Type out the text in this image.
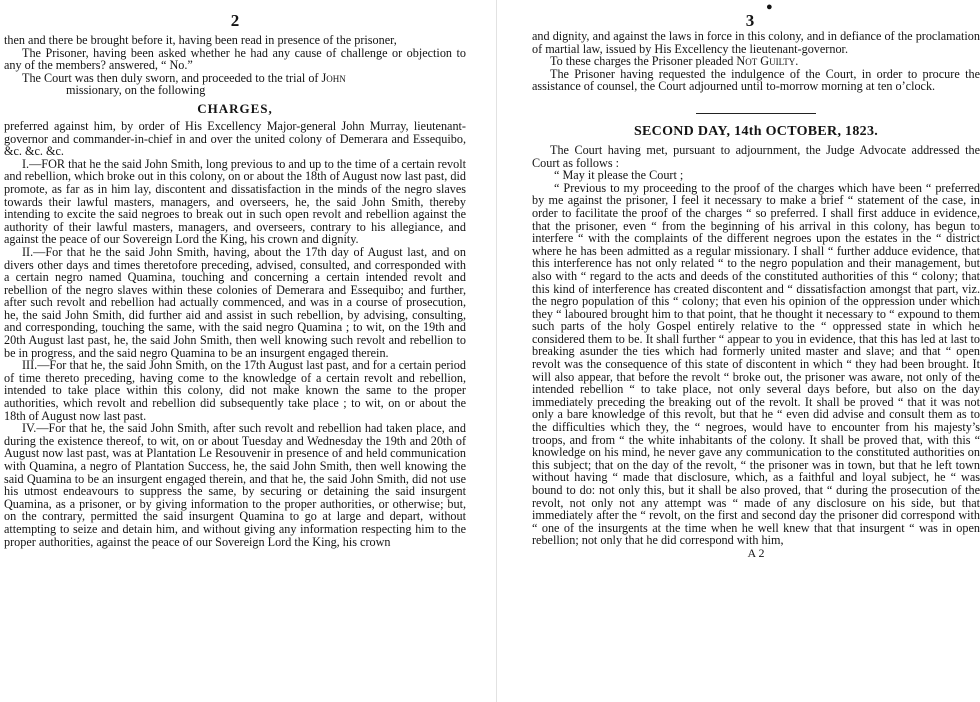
2

then and there be brought before it, having been read in presence of the prisoner,

The Prisoner, having been asked whether he had any cause of challenge or objection to any of the members? answered, “ No.”

The Court was then duly sworn, and proceeded to the trial of John

missionary, on the following

CHARGES,

preferred against him, by order of His Excellency Major-general John Murray, lieutenant-governor and commander-in-chief in and over the united colony of Demerara and Essequibo, &c. &c. &c.

I.—FOR that he the said John Smith, long previous to and up to the time of a certain revolt and rebellion, which broke out in this colony, on or about the 18th of August now last past, did promote, as far as in him lay, discontent and dissatisfaction in the minds of the negro slaves towards their lawful masters, managers, and overseers, he, the said John Smith, thereby intending to excite the said negroes to break out in such open revolt and rebellion against the authority of their lawful masters, managers, and overseers, contrary to his allegiance, and against the peace of our Sovereign Lord the King, his crown and dignity.

II.—For that he the said John Smith, having, about the 17th day of August last, and on divers other days and times theretofore preceding, advised, consulted, and corresponded with a certain negro named Quamina, touching and concerning a certain intended revolt and rebellion of the negro slaves within these colonies of Demerara and Essequibo; and further, after such revolt and rebellion had actually commenced, and was in a course of prosecution, he, the said John Smith, did further aid and assist in such rebellion, by advising, consulting, and corresponding, touching the same, with the said negro Quamina ; to wit, on the 19th and 20th August last past, he, the said John Smith, then well knowing such revolt and rebellion to be in progress, and the said negro Quamina to be an insurgent engaged therein.

III.—For that he, the said John Smith, on the 17th August last past, and for a certain period of time thereto preceding, having come to the knowledge of a certain revolt and rebellion, intended to take place within this colony, did not make known the same to the proper authorities, which revolt and rebellion did subsequently take place ; to wit, on or about the 18th of August now last past.

IV.—For that he, the said John Smith, after such revolt and rebellion had taken place, and during the existence thereof, to wit, on or about Tuesday and Wednesday the 19th and 20th of August now last past, was at Plantation Le Resouvenir in presence of and held communication with Quamina, a negro of Plantation Success, he, the said John Smith, then well knowing the said Quamina to be an insurgent engaged therein, and that he, the said John Smith, did not use his utmost endeavours to suppress the same, by securing or detaining the said insurgent Quamina, as a prisoner, or by giving information to the proper authorities, or otherwise; but, on the contrary, permitted the said insurgent Quamina to go at large and depart, without attempting to seize and detain him, and without giving any information respecting him to the proper authorities, against the peace of our Sovereign Lord the King, his crown

●
3

and dignity, and against the laws in force in this colony, and in defiance of the proclamation of martial law, issued by His Excellency the lieutenant-governor.

To these charges the Prisoner pleaded Not Guilty.

The Prisoner having requested the indulgence of the Court, in order to procure the assistance of counsel, the Court adjourned until to-morrow morning at ten o’clock.

SECOND DAY, 14th OCTOBER, 1823.

The Court having met, pursuant to adjournment, the Judge Advocate addressed the Court as follows :

“ May it please the Court ;

“ Previous to my proceeding to the proof of the charges which have been “ preferred by me against the prisoner, I feel it necessary to make a brief “ statement of the case, in order to facilitate the proof of the charges “ so preferred. I shall first adduce in evidence, that the prisoner, even “ from the beginning of his arrival in this colony, has begun to interfere “ with the complaints of the different negroes upon the estates in the “ district where he has been admitted as a regular missionary. I shall “ further adduce evidence, that this interference has not only related “ to the negro population and their management, but also with “ regard to the acts and deeds of the constituted authorities of this “ colony; that this kind of interference has created discontent and “ dissatisfaction amongst that part, viz. the negro population of this “ colony; that even his opinion of the oppression under which they “ laboured brought him to that point, that he thought it necessary to “ expound to them such parts of the holy Gospel entirely relative to the “ oppressed state in which he considered them to be. It shall further “ appear to you in evidence, that this has led at last to breaking asunder the ties which had formerly united master and slave; and that “ open revolt was the consequence of this state of discontent in which “ they had been brought. It will also appear, that before the revolt “ broke out, the prisoner was aware, not only of the intended rebellion “ to take place, not only several days before, but also on the day immediately preceding the breaking out of the revolt. It shall be proved “ that it was not only a bare knowledge of this revolt, but that he “ even did advise and consult them as to the difficulties which they, the “ negroes, would have to encounter from his majesty’s troops, and from “ the white inhabitants of the colony. It shall be proved that, with this “ knowledge on his mind, he never gave any communication to the constituted authorities on this subject; that on the day of the revolt, “ the prisoner was in town, but that he left town without having “ made that disclosure, which, as a faithful and loyal subject, he “ was bound to do: not only this, but it shall be also proved, that “ during the prosecution of the revolt, not only not any attempt was “ made of any disclosure on his side, but that immediately after the “ revolt, on the first and second day the prisoner did correspond with “ one of the insurgents at the time when he well knew that that insurgent “ was in open rebellion; not only that he did correspond with him,

A 2
